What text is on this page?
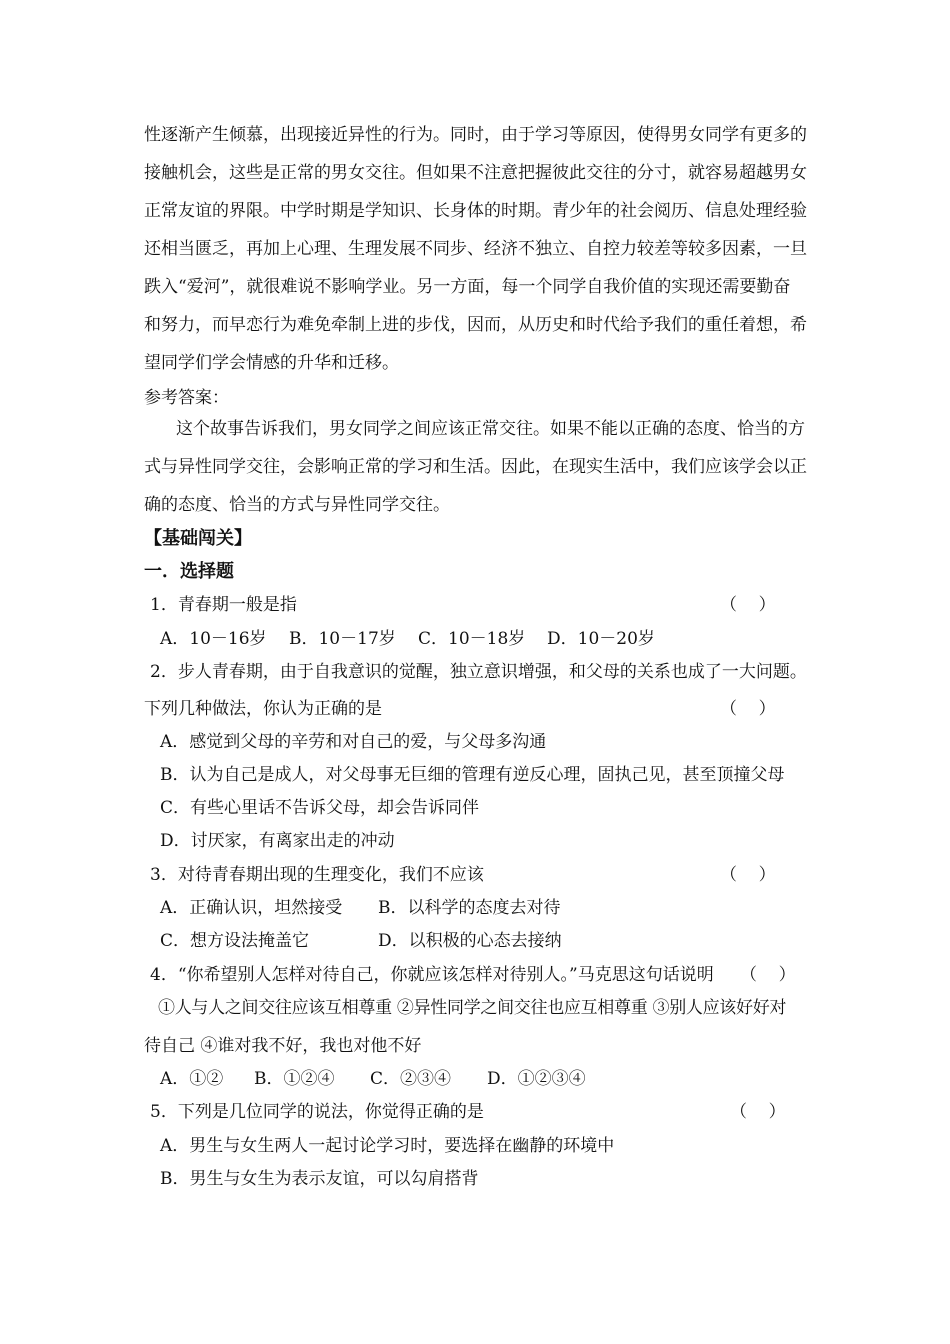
性逐渐产生倾慕，出现接近异性的行为。同时，由于学习等原因，使得男女同学有更多的
接触机会，这些是正常的男女交往。但如果不注意把握彼此交往的分寸，就容易超越男女
正常友谊的界限。中学时期是学知识、长身体的时期。青少年的社会阅历、信息处理经验
还相当匮乏，再加上心理、生理发展不同步、经济不独立、自控力较差等较多因素，一旦
跌入“爱河”，就很难说不影响学业。另一方面，每一个同学自我价值的实现还需要勤奋
和努力，而早恋行为难免牵制上进的步伐，因而，从历史和时代给予我们的重任着想，希
望同学们学会情感的升华和迁移。
参考答案：
这个故事告诉我们，男女同学之间应该正常交往。如果不能以正确的态度、恰当的方
式与异性同学交往，会影响正常的学习和生活。因此，在现实生活中，我们应该学会以正
确的态度、恰当的方式与异性同学交往。
【基础闯关】
一．选择题
1．青春期一般是指	（    ）
A．10－16岁 B．10－17岁 C．10－18岁 D．10－20岁
2．步人青春期，由于自我意识的觉醒，独立意识增强，和父母的关系也成了一大问题。
下列几种做法，你认为正确的是	（    ）
A．感觉到父母的辛劳和对自己的爱，与父母多沟通
B．认为自己是成人，对父母事无巨细的管理有逆反心理，固执己见，甚至顶撞父母
C．有些心里话不告诉父母，却会告诉同伴
D．讨厌家，有离家出走的冲动
3．对待青春期出现的生理变化，我们不应该	（    ）
A．正确认识，坦然接受 B．以科学的态度去对待
C．想方设法掩盖它	D．以积极的心态去接纳
4．“你希望别人怎样对待自己，你就应该怎样对待别人。”马克思这句话说明	（    ）
①人与人之间交往应该互相尊重 ②异性同学之间交往也应互相尊重 ③别人应该好好对
待自己 ④谁对我不好，我也对他不好
A．①② B．①②④ C．②③④ D．①②③④
5．下列是几位同学的说法，你觉得正确的是	（    ）
A．男生与女生两人一起讨论学习时，要选择在幽静的环境中
B．男生与女生为表示友谊，可以勾肩搭背
